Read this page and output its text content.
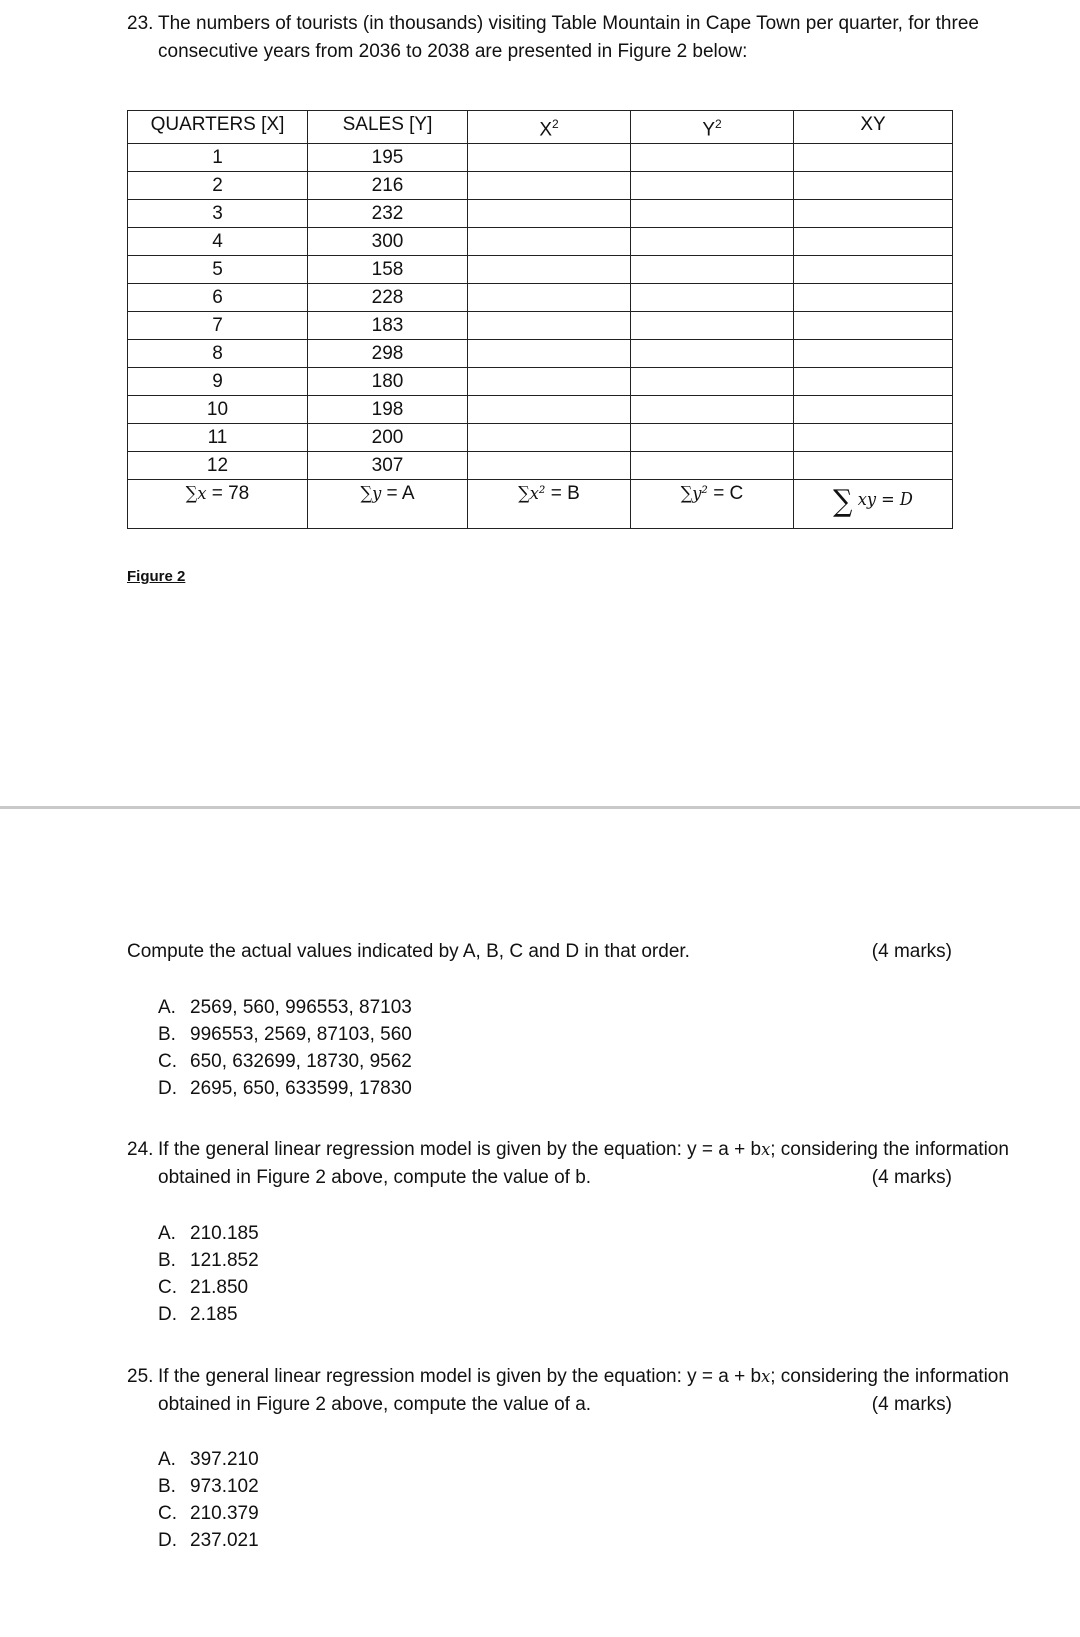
23. The numbers of tourists (in thousands) visiting Table Mountain in Cape Town per quarter, for three
consecutive years from 2036 to 2038 are presented in Figure 2 below:
QUARTERS [X]	SALES [Y]	$X^2$	$Y^2$	XY
1	195			
2	216			
3	232			
4	300			
5	158			
6	228			
7	183			
8	298			
9	180			
10	198			
11	200			
12	307			
∑x = 78	∑y = A	∑x² = B	∑y² = C	∑ xy = D
Figure 2
Compute the actual values indicated by A, B, C and D in that order.	(4 marks)
A. 2569, 560, 996553, 87103
B. 996553, 2569, 87103, 560
C. 650, 632699, 18730, 9562
D. 2695, 650, 633599, 17830
24. If the general linear regression model is given by the equation: y = a + bx; considering the information
obtained in Figure 2 above, compute the value of b.	(4 marks)
A. 210.185
B. 121.852
C. 21.850
D. 2.185
25. If the general linear regression model is given by the equation: y = a + bx; considering the information
obtained in Figure 2 above, compute the value of a.	(4 marks)
A. 397.210
B. 973.102
C. 210.379
D. 237.021
